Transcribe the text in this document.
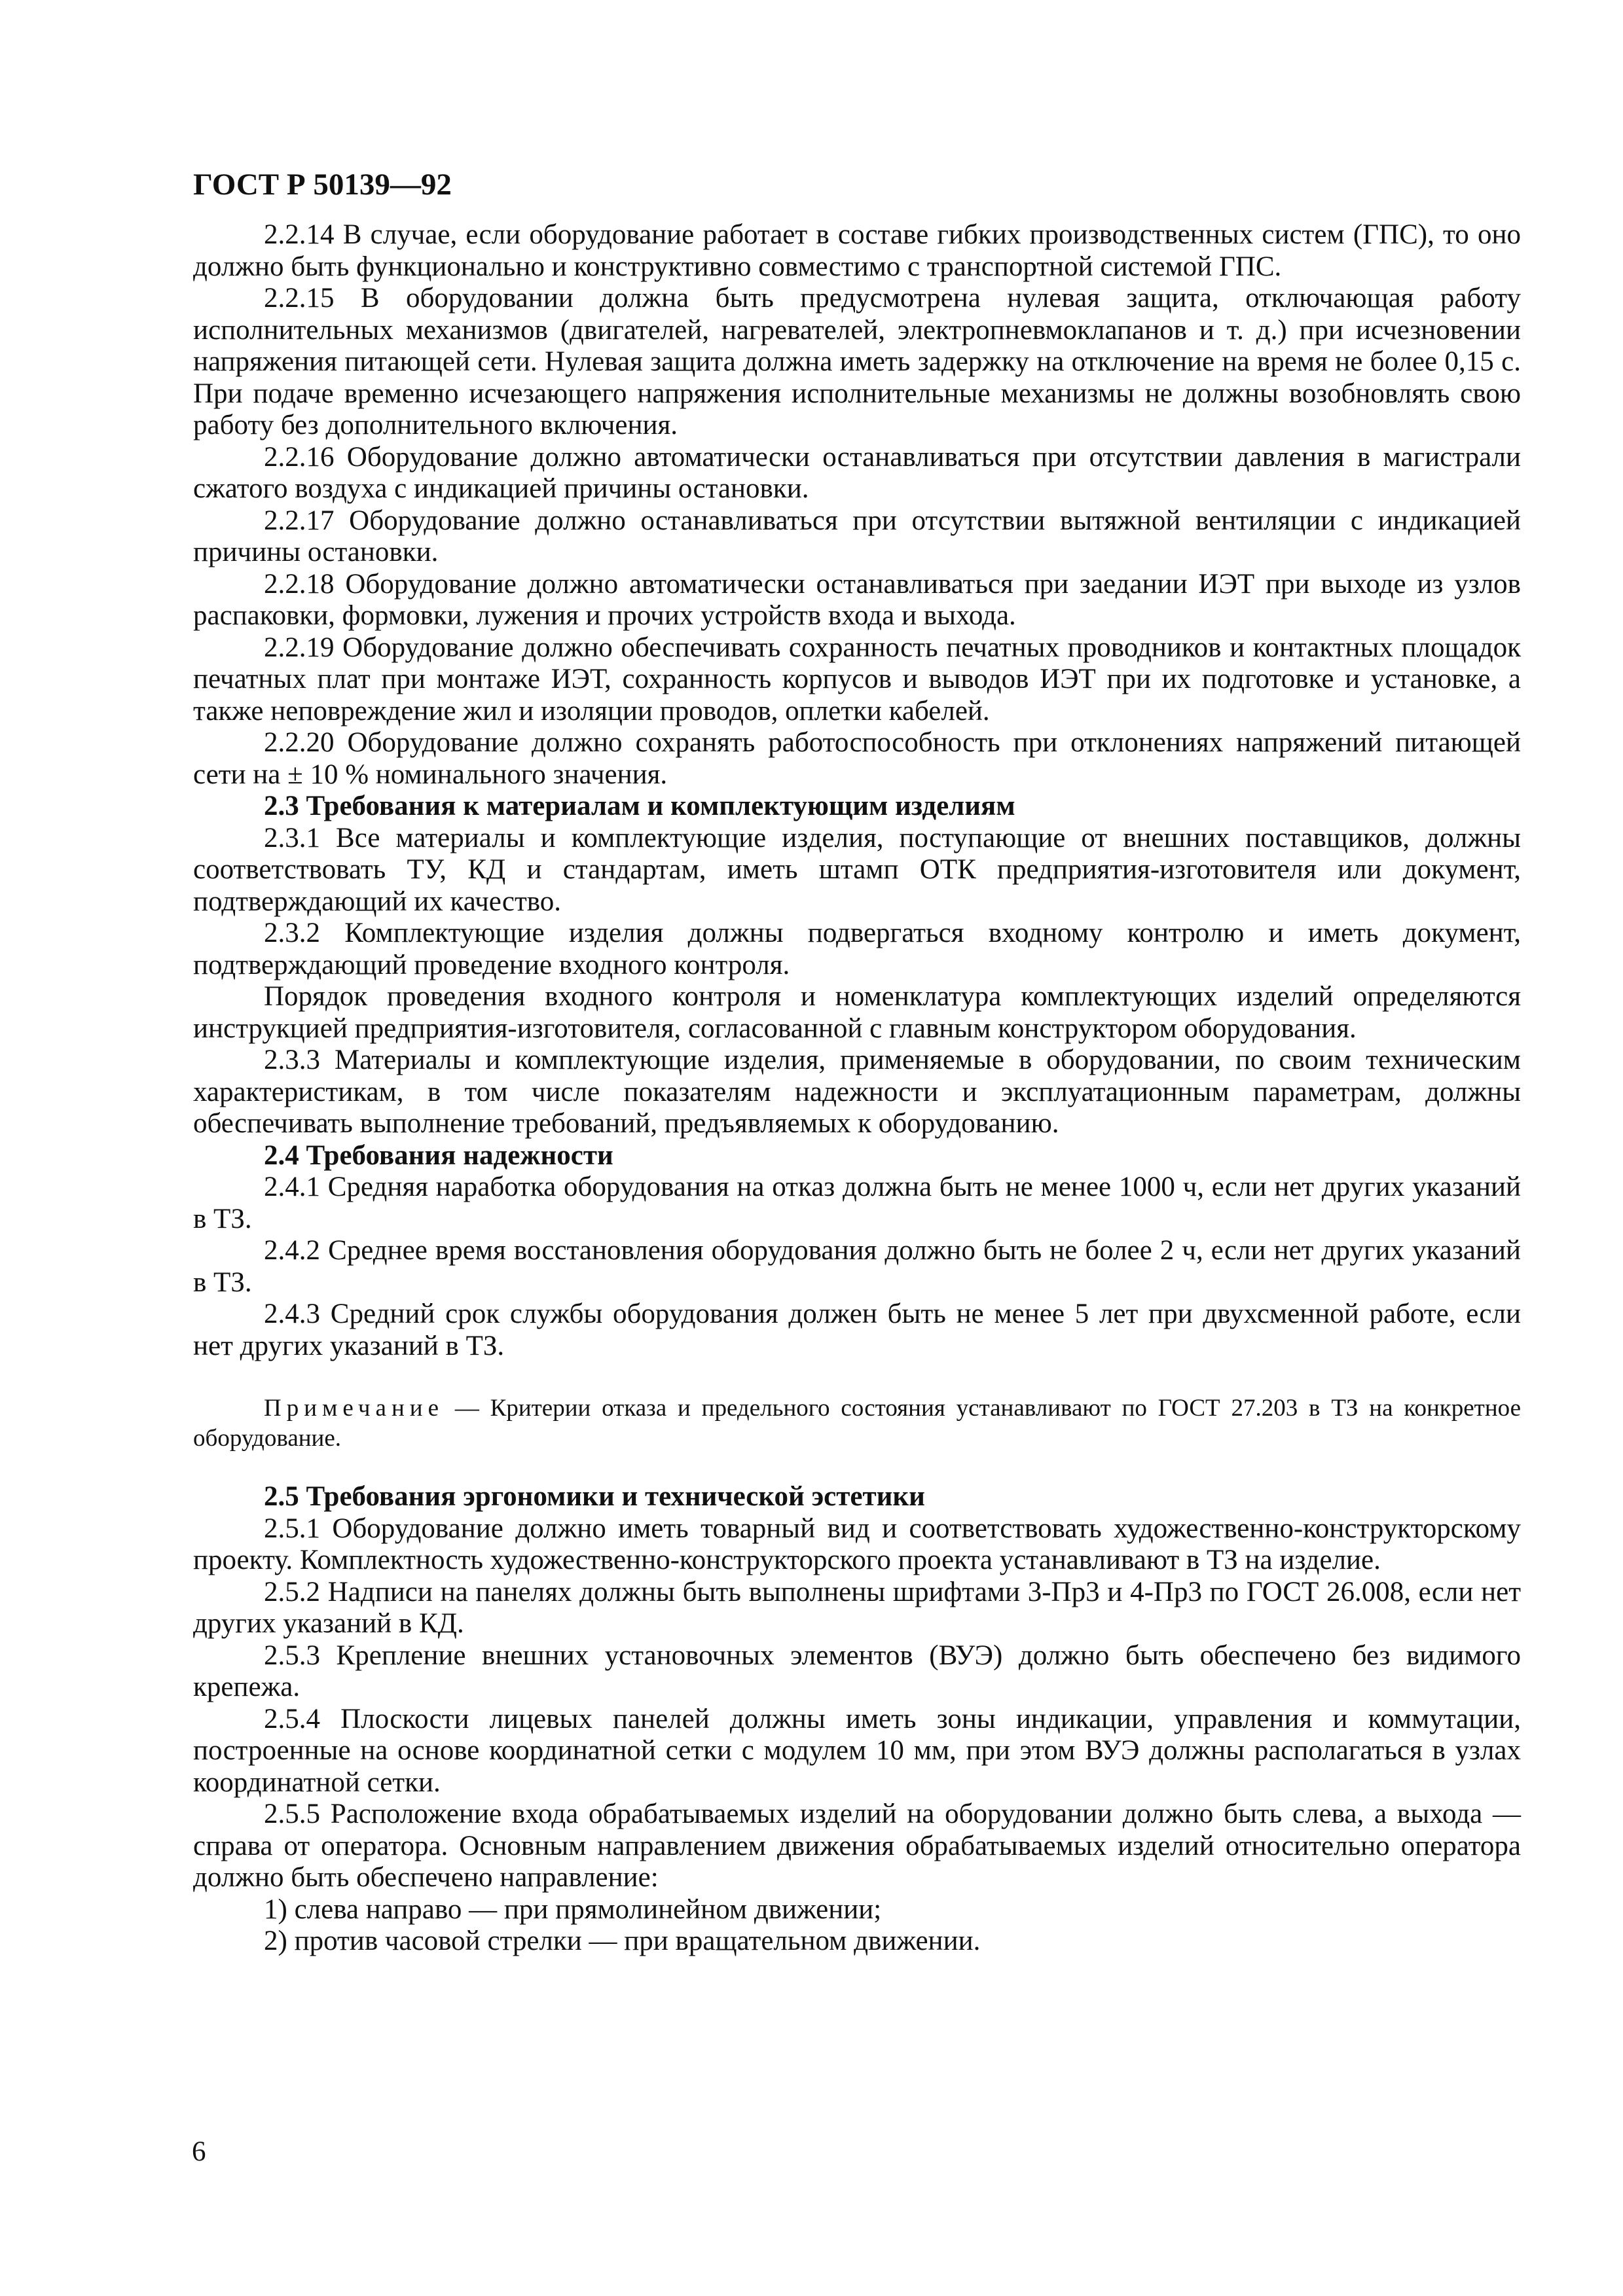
ГОСТ Р 50139—92

2.2.14 В случае, если оборудование работает в составе гибких производственных систем (ГПС), то оно должно быть функционально и конструктивно совместимо с транспортной системой ГПС.

2.2.15 В оборудовании должна быть предусмотрена нулевая защита, отключающая работу исполнительных механизмов (двигателей, нагревателей, электропневмоклапанов и т. д.) при исчезновении напряжения питающей сети. Нулевая защита должна иметь задержку на отключение на время не более 0,15 с. При подаче временно исчезающего напряжения исполнительные механизмы не должны возобновлять свою работу без дополнительного включения.

2.2.16 Оборудование должно автоматически останавливаться при отсутствии давления в магистрали сжатого воздуха с индикацией причины остановки.

2.2.17 Оборудование должно останавливаться при отсутствии вытяжной вентиляции с индикацией причины остановки.

2.2.18 Оборудование должно автоматически останавливаться при заедании ИЭТ при выходе из узлов распаковки, формовки, лужения и прочих устройств входа и выхода.

2.2.19 Оборудование должно обеспечивать сохранность печатных проводников и контактных площадок печатных плат при монтаже ИЭТ, сохранность корпусов и выводов ИЭТ при их подготовке и установке, а также неповреждение жил и изоляции проводов, оплетки кабелей.

2.2.20 Оборудование должно сохранять работоспособность при отклонениях напряжений питающей сети на ± 10 % номинального значения.

2.3 Требования к материалам и комплектующим изделиям

2.3.1 Все материалы и комплектующие изделия, поступающие от внешних поставщиков, должны соответствовать ТУ, КД и стандартам, иметь штамп ОТК предприятия-изготовителя или документ, подтверждающий их качество.

2.3.2 Комплектующие изделия должны подвергаться входному контролю и иметь документ, подтверждающий проведение входного контроля.

Порядок проведения входного контроля и номенклатура комплектующих изделий определяются инструкцией предприятия-изготовителя, согласованной с главным конструктором оборудования.

2.3.3 Материалы и комплектующие изделия, применяемые в оборудовании, по своим техническим характеристикам, в том числе показателям надежности и эксплуатационным параметрам, должны обеспечивать выполнение требований, предъявляемых к оборудованию.

2.4 Требования надежности

2.4.1 Средняя наработка оборудования на отказ должна быть не менее 1000 ч, если нет других указаний в ТЗ.

2.4.2 Среднее время восстановления оборудования должно быть не более 2 ч, если нет других указаний в ТЗ.

2.4.3 Средний срок службы оборудования должен быть не менее 5 лет при двухсменной работе, если нет других указаний в ТЗ.

Примечание — Критерии отказа и предельного состояния устанавливают по ГОСТ 27.203 в ТЗ на конкретное оборудование.

2.5 Требования эргономики и технической эстетики

2.5.1 Оборудование должно иметь товарный вид и соответствовать художественно-конструкторскому проекту. Комплектность художественно-конструкторского проекта устанавливают в ТЗ на изделие.

2.5.2 Надписи на панелях должны быть выполнены шрифтами 3-Пр3 и 4-Пр3 по ГОСТ 26.008, если нет других указаний в КД.

2.5.3 Крепление внешних установочных элементов (ВУЭ) должно быть обеспечено без видимого крепежа.

2.5.4 Плоскости лицевых панелей должны иметь зоны индикации, управления и коммутации, построенные на основе координатной сетки с модулем 10 мм, при этом ВУЭ должны располагаться в узлах координатной сетки.

2.5.5 Расположение входа обрабатываемых изделий на оборудовании должно быть слева, а выхода — справа от оператора. Основным направлением движения обрабатываемых изделий относительно оператора должно быть обеспечено направление:

1) слева направо — при прямолинейном движении;

2) против часовой стрелки — при вращательном движении.

6
